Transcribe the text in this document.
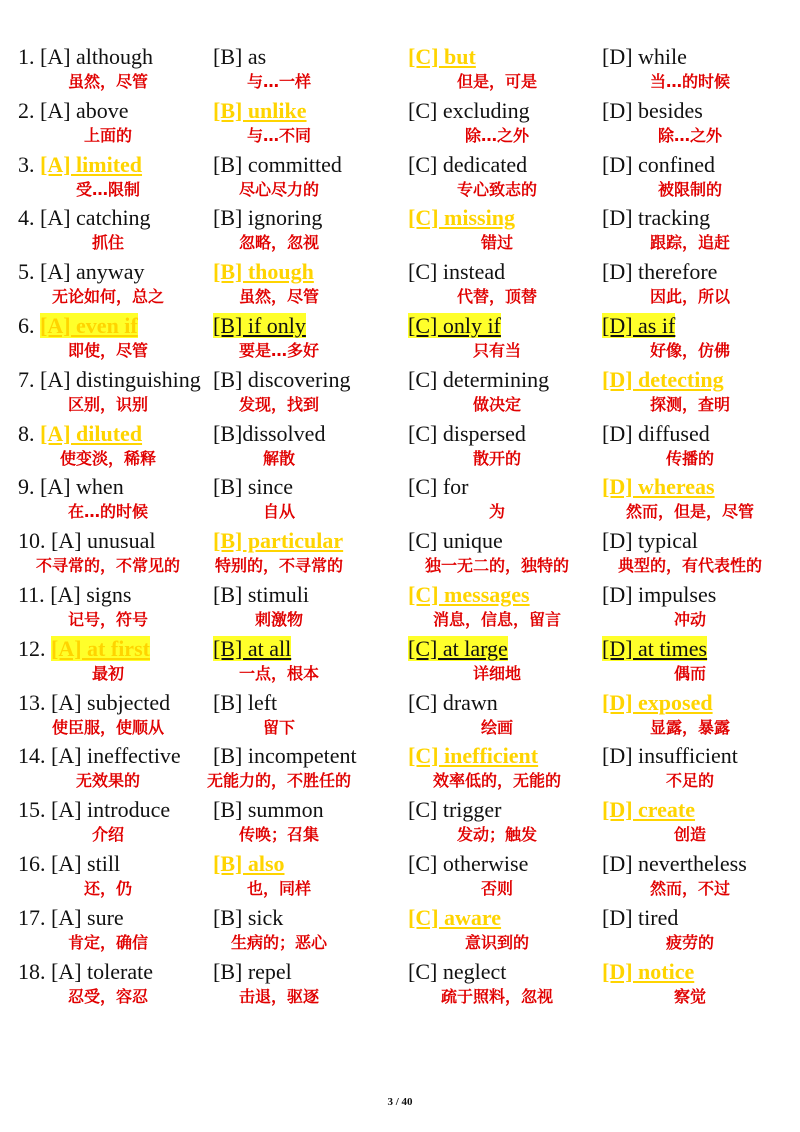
1. [A] although
虽然，尽管
[B] as
与…一样
[C] but
但是，可是
[D] while
当…的时候
2. [A] above
上面的
[B] unlike
与…不同
[C] excluding
除…之外
[D] besides
除…之外
3. [A] limited
受…限制
[B] committed
尽心尽力的
[C] dedicated
专心致志的
[D] confined
被限制的
4. [A] catching
抓住
[B] ignoring
忽略，忽视
[C] missing
错过
[D] tracking
跟踪，追赶
5. [A] anyway
无论如何，总之
[B] though
虽然，尽管
[C] instead
代替，顶替
[D] therefore
因此，所以
6. [A] even if
即使，尽管
[B] if only
要是…多好
[C] only if
只有当
[D] as if
好像，仿佛
7. [A] distinguishing
区别，识别
[B] discovering
发现，找到
[C] determining
做决定
[D] detecting
探测，查明
8. [A] diluted
使变淡，稀释
[B]dissolved
解散
[C] dispersed
散开的
[D] diffused
传播的
9. [A] when
在…的时候
[B] since
自从
[C] for
为
[D] whereas
然而，但是，尽管
10. [A] unusual
不寻常的，不常见的
[B] particular
特别的，不寻常的
[C] unique
独一无二的，独特的
[D] typical
典型的，有代表性的
11. [A] signs
记号，符号
[B] stimuli
刺激物
[C] messages
消息，信息，留言
[D] impulses
冲动
12. [A] at first
最初
[B] at all
一点，根本
[C] at large
详细地
[D] at times
偶而
13. [A] subjected
使臣服，使顺从
[B] left
留下
[C] drawn
绘画
[D] exposed
显露，暴露
14. [A] ineffective
无效果的
[B] incompetent
无能力的，不胜任的
[C] inefficient
效率低的，无能的
[D] insufficient
不足的
15. [A] introduce
介绍
[B] summon
传唤；召集
[C] trigger
发动；触发
[D] create
创造
16. [A] still
还，仍
[B] also
也，同样
[C] otherwise
否则
[D] nevertheless
然而，不过
17. [A] sure
肯定，确信
[B] sick
生病的；恶心
[C] aware
意识到的
[D] tired
疲劳的
18. [A] tolerate
忍受，容忍
[B] repel
击退，驱逐
[C] neglect
疏于照料，忽视
[D] notice
察觉
3 / 40
